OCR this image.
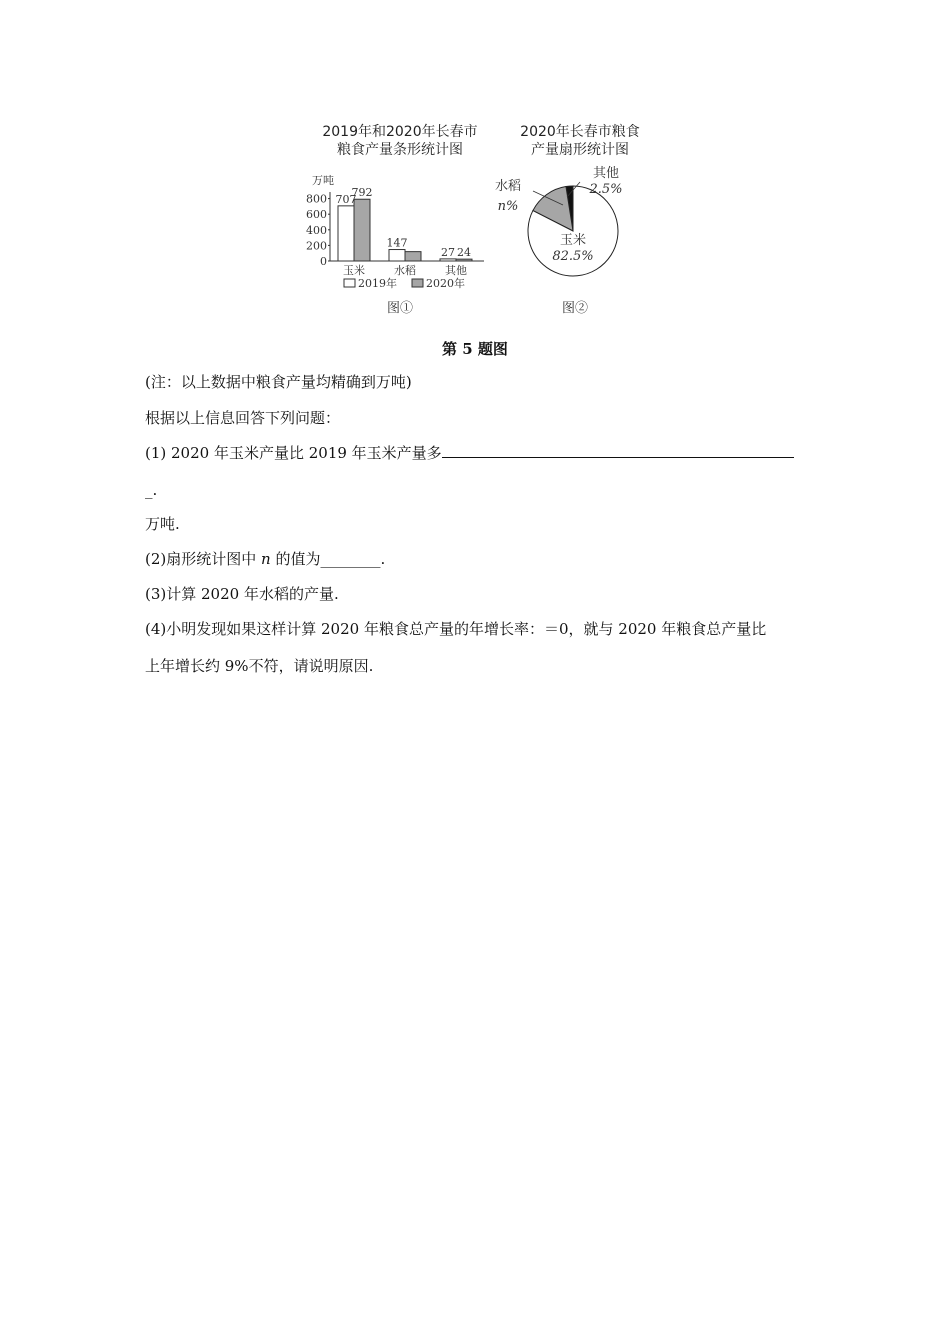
2019年和2020年长春市
粮食产量条形统计图
2020年长春市粮食
产量扇形统计图
万吨
0
200
400
600
800 707
147
27
792
24
玉米	水稻	其他
2019年	2020年
图①
其他
2.5%
水稻
n%
玉米
82.5%
图②
第 5 题图
(注：以上数据中粮食产量均精确到万吨)
根据以上信息回答下列问题：
(1) 2020 年玉米产量比 2019 年玉米产量多
_.
万吨.
(2)扇形统计图中 n 的值为________.
(3)计算 2020 年水稻的产量.
(4)小明发现如果这样计算 2020 年粮食总产量的年增长率：＝0，就与 2020 年粮食总产量比
上年增长约 9%不符，请说明原因.
